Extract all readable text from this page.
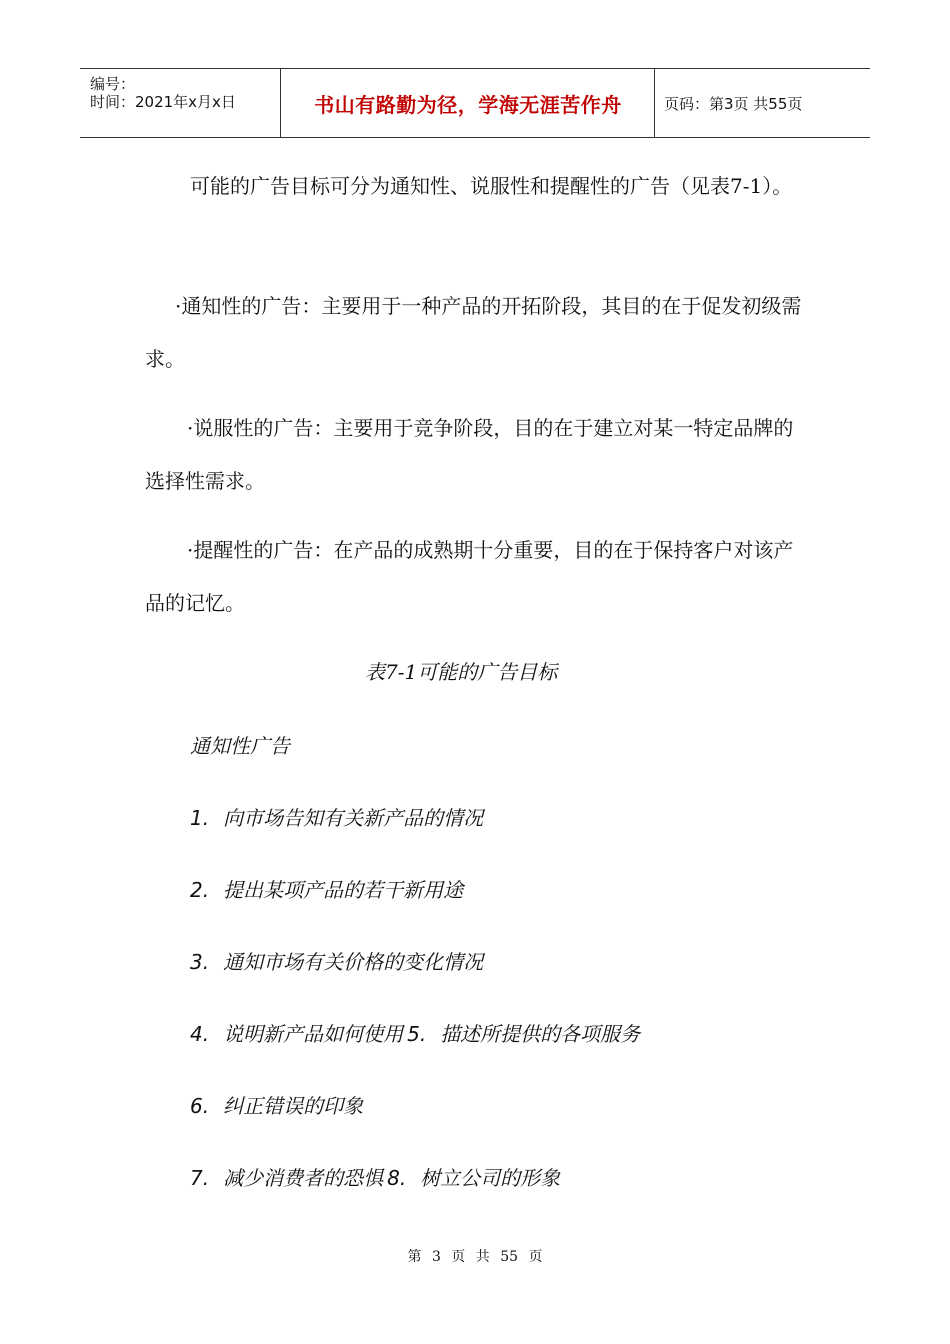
编号：
时间：2021年x月x日	书山有路勤为径，学海无涯苦作舟	页码：第3页 共55页
可能的广告目标可分为通知性、说服性和提醒性的广告（见表7-1）。
·通知性的广告：主要用于一种产品的开拓阶段，其目的在于促发初级需求。
·说服性的广告：主要用于竞争阶段，目的在于建立对某一特定品牌的选择性需求。
·提醒性的广告：在产品的成熟期十分重要，目的在于保持客户对该产品的记忆。
表7-1可能的广告目标
通知性广告
1. 向市场告知有关新产品的情况
2. 提出某项产品的若干新用途
3. 通知市场有关价格的变化情况
4. 说明新产品如何使用 5. 描述所提供的各项服务
6. 纠正错误的印象
7. 减少消费者的恐惧 8. 树立公司的形象
第 3 页 共 55 页
